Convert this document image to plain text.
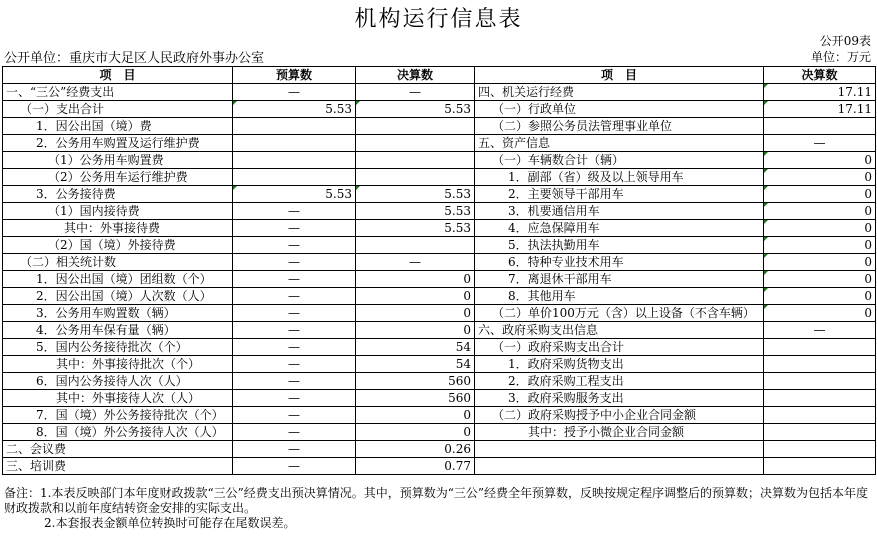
机构运行信息表
公开单位：重庆市大足区人民政府外事办公室
公开09表
单位：万元
项　目	预算数	决算数	项　目	决算数
一、“三公”经费支出	—	—	四、机关运行经费	17.11
（一）支出合计	5.53	5.53	（一）行政单位	17.11
1．因公出国（境）费			（二）参照公务员法管理事业单位	
2．公务用车购置及运行维护费			五、资产信息	—
（1）公务用车购置费			（一）车辆数合计（辆）	0
（2）公务用车运行维护费			1．副部（省）级及以上领导用车	0
3．公务接待费	5.53	5.53	2．主要领导干部用车	0
（1）国内接待费	—	5.53	3．机要通信用车	0
其中：外事接待费	—	5.53	4．应急保障用车	0
（2）国（境）外接待费	—		5．执法执勤用车	0
（二）相关统计数	—	—	6．特种专业技术用车	0
1．因公出国（境）团组数（个）	—	0	7．离退休干部用车	0
2．因公出国（境）人次数（人）	—	0	8．其他用车	0
3．公务用车购置数（辆）	—	0	（二）单价100万元（含）以上设备（不含车辆）	0
4．公务用车保有量（辆）	—	0	六、政府采购支出信息	—
5．国内公务接待批次（个）	—	54	（一）政府采购支出合计	
其中：外事接待批次（个）	—	54	1．政府采购货物支出	
6．国内公务接待人次（人）	—	560	2．政府采购工程支出	
其中：外事接待人次（人）	—	560	3．政府采购服务支出	
7．国（境）外公务接待批次（个）	—	0	（二）政府采购授予中小企业合同金额	
8．国（境）外公务接待人次（人）	—	0	其中：授予小微企业合同金额	
二、会议费	—	0.26		
三、培训费	—	0.77		

备注：1.本表反映部门本年度财政拨款“三公”经费支出预决算情况。其中，预算数为“三公”经费全年预算数，反映按规定程序调整后的预算数；决算数为包括本年度财政拨款和以前年度结转资金安排的实际支出。

2.本套报表金额单位转换时可能存在尾数误差。
